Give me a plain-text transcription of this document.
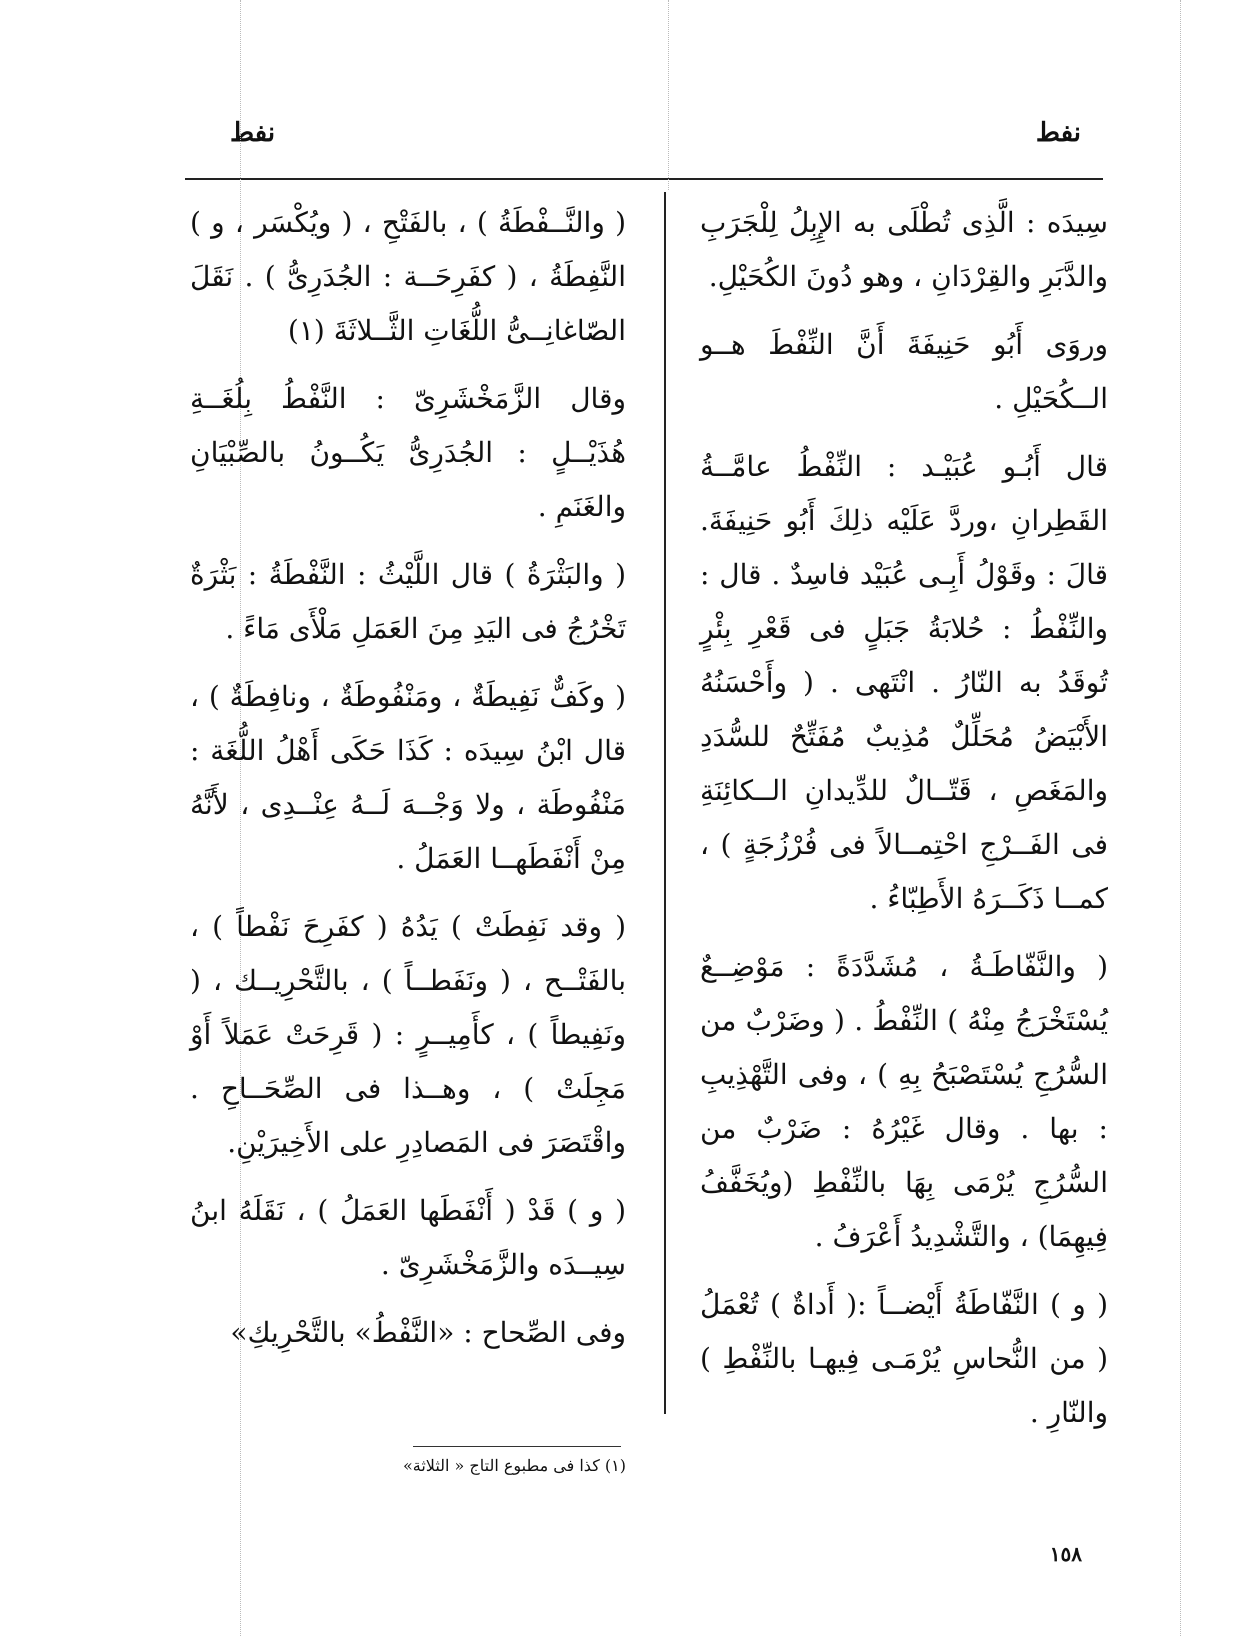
نفط
نفط

سِيدَه : الَّذِى تُطْلَى به الإِبِلُ لِلْجَرَبِ والدَّبَرِ والقِرْدَانِ ، وهو دُونَ الكُحَيْلِ.

وروَى أَبُو حَنِيفَةَ أَنَّ النِّفْطَ هــو الــكُحَيْلِ .

قال أَبُـو عُبَيْـد : النِّفْطُ عامَّــةُ القَطِرانِ ،وردَّ عَلَيْه ذلِكَ أَبُو حَنِيفَةَ. قالَ : وقَوْلُ أَبِـى عُبَيْد فاسِدٌ . قال : والنِّفْطُ : حُلابَةُ جَبَلٍ فى قَعْرِ بِئْرٍ تُوقَدُ به النّارُ . انْتَهى . ( وأَحْسَنُهُ الأَبْيَضُ مُحَلِّلٌ مُذِيبٌ مُفَتِّحٌ للسُّدَدِ والمَغَصِ ، قَتّــالٌ للدِّيدانِ الــكائِنَةِ فى الفَــرْجِ احْتِمــالاً فى فُرْزُجَةٍ ) ، كمــا ذَكَــرَهُ الأَطِبّاءُ .

( والنَّفّاطَـةُ ، مُشَدَّدَةً : مَوْضِــعٌ يُسْتَخْرَجُ مِنْهُ ) النِّفْطُ . ( وضَرْبٌ من السُّرُجِ يُسْتَصْبَحُ بِهِ ) ، وفى التَّهْذِيبِ : بها . وقال غَيْرُهُ : ضَرْبٌ من السُّرُجِ يُرْمَى بِهَا بالنِّفْطِ (ويُخَفَّفُ فِيهِمَا) ، والتَّشْدِيدُ أَعْرَفُ .

( و ) النَّفّاطَةُ أَيْضــاً :( أَداةٌ ) تُعْمَلُ ( من النُّحاسِ يُرْمَـى فِيهـا بالنِّفْطِ ) والنّارِ .

( والنَّــفْطَةُ ) ، بالفَتْحِ ، ( ويُكْسَر ، و ) النَّفِطَةُ ، ( كفَرِحَــة : الجُدَرِىُّ ) . نَقَلَ الصّاغانِــىُّ اللُّغَاتِ الثَّــلاثَةَ (١)

وقال الزَّمَخْشَرِىّ : النَّفْطُ بِلُغَــةِ هُذَيْــلٍ : الجُدَرِىُّ يَكُــونُ بالصِّبْيَانِ والغَنَمِ .

( والبَثْرَةُ ) قال اللَّيْثُ : النَّفْطَةُ : بَثْرَةٌ تَخْرُجُ فى اليَدِ مِنَ العَمَلِ مَلْأَى مَاءً .

( وكَفٌّ نَفِيطَةٌ ، ومَنْفُوطَةٌ ، ونافِطَةٌ ) ، قال ابْنُ سِيدَه : كَذَا حَكَى أَهْلُ اللُّغَة : مَنْفُوطَة ، ولا وَجْــهَ لَــهُ عِنْــدِى ، لأَنَّهُ مِنْ أَنْفَطَهــا العَمَلُ .

( وقد نَفِطَتْ ) يَدُهُ ( كفَرِحَ نَفْطاً ) ، بالفَتْــح ، ( ونَفَطــاً ) ، بالتَّحْرِيــك ، ( ونَفِيطاً ) ، كأَمِيــرٍ : ( قَرِحَتْ عَمَلاً أَوْ مَجِلَتْ ) ، وهــذا فى الصِّحَــاحِ . واقْتَصَرَ فى المَصادِرِ على الأَخِيرَيْنِ.

( و ) قَدْ ( أَنْفَطَها العَمَلُ ) ، نَقَلَهُ ابنُ سِيــدَه والزَّمَخْشَرِىّ .

وفى الصِّحاح : «النَّفْطُ» بالتَّحْرِيكِ»

(١) كذا فى مطبوع التاج « الثلاثة»
١٥٨
